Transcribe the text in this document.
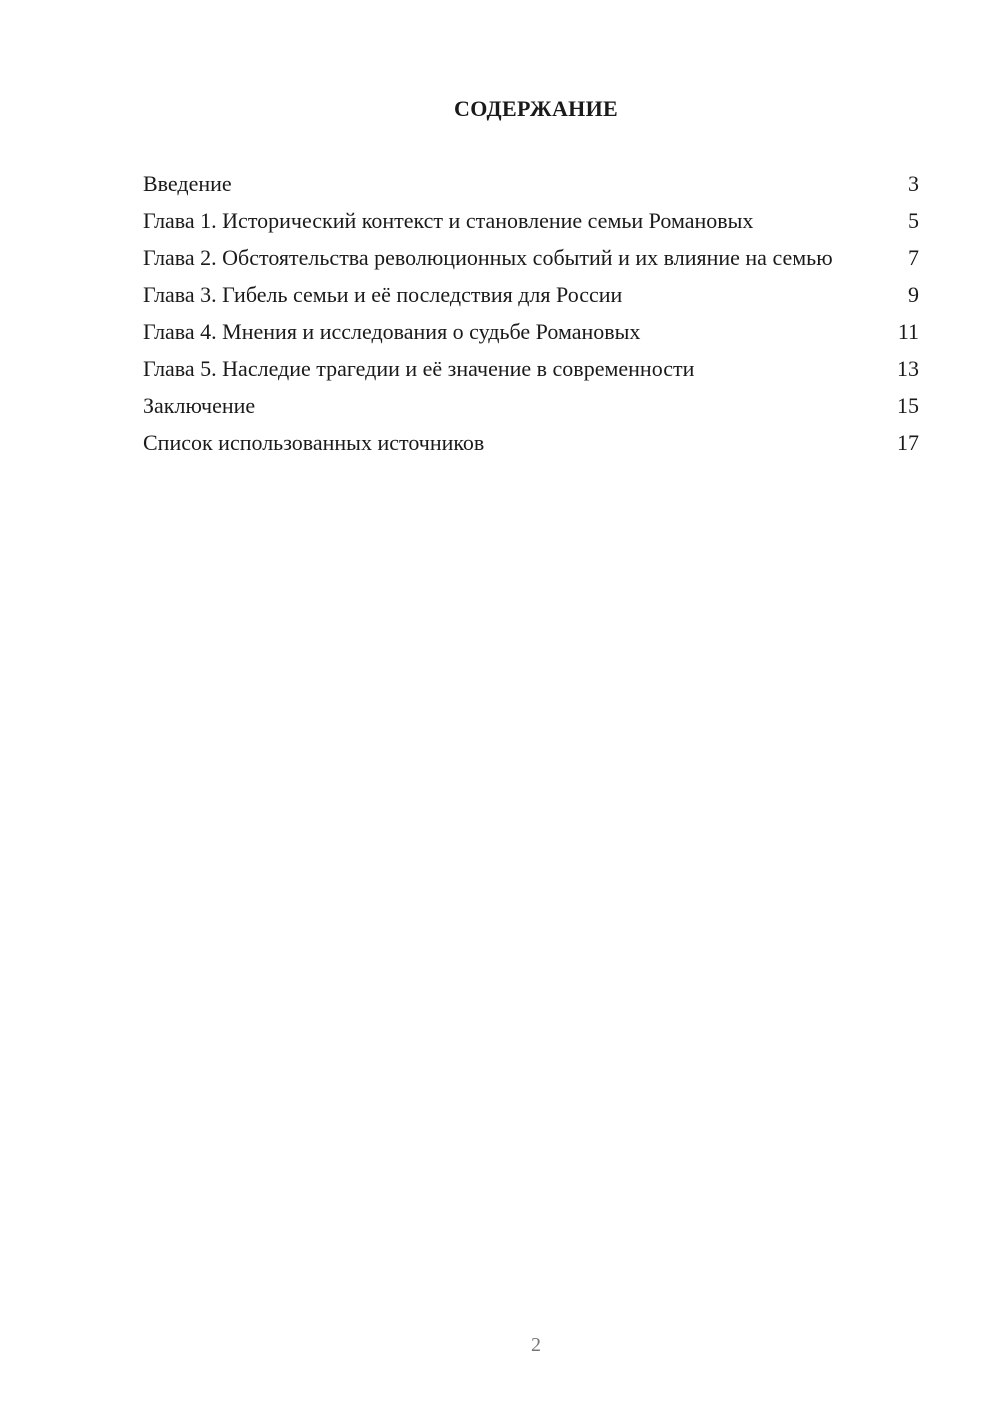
СОДЕРЖАНИЕ
Введение	3
Глава 1. Исторический контекст и становление семьи Романовых	5
Глава 2. Обстоятельства революционных событий и их влияние на семью	7
Глава 3. Гибель семьи и её последствия для России	9
Глава 4. Мнения и исследования о судьбе Романовых	11
Глава 5. Наследие трагедии и её значение в современности	13
Заключение	15
Список использованных источников	17
2
